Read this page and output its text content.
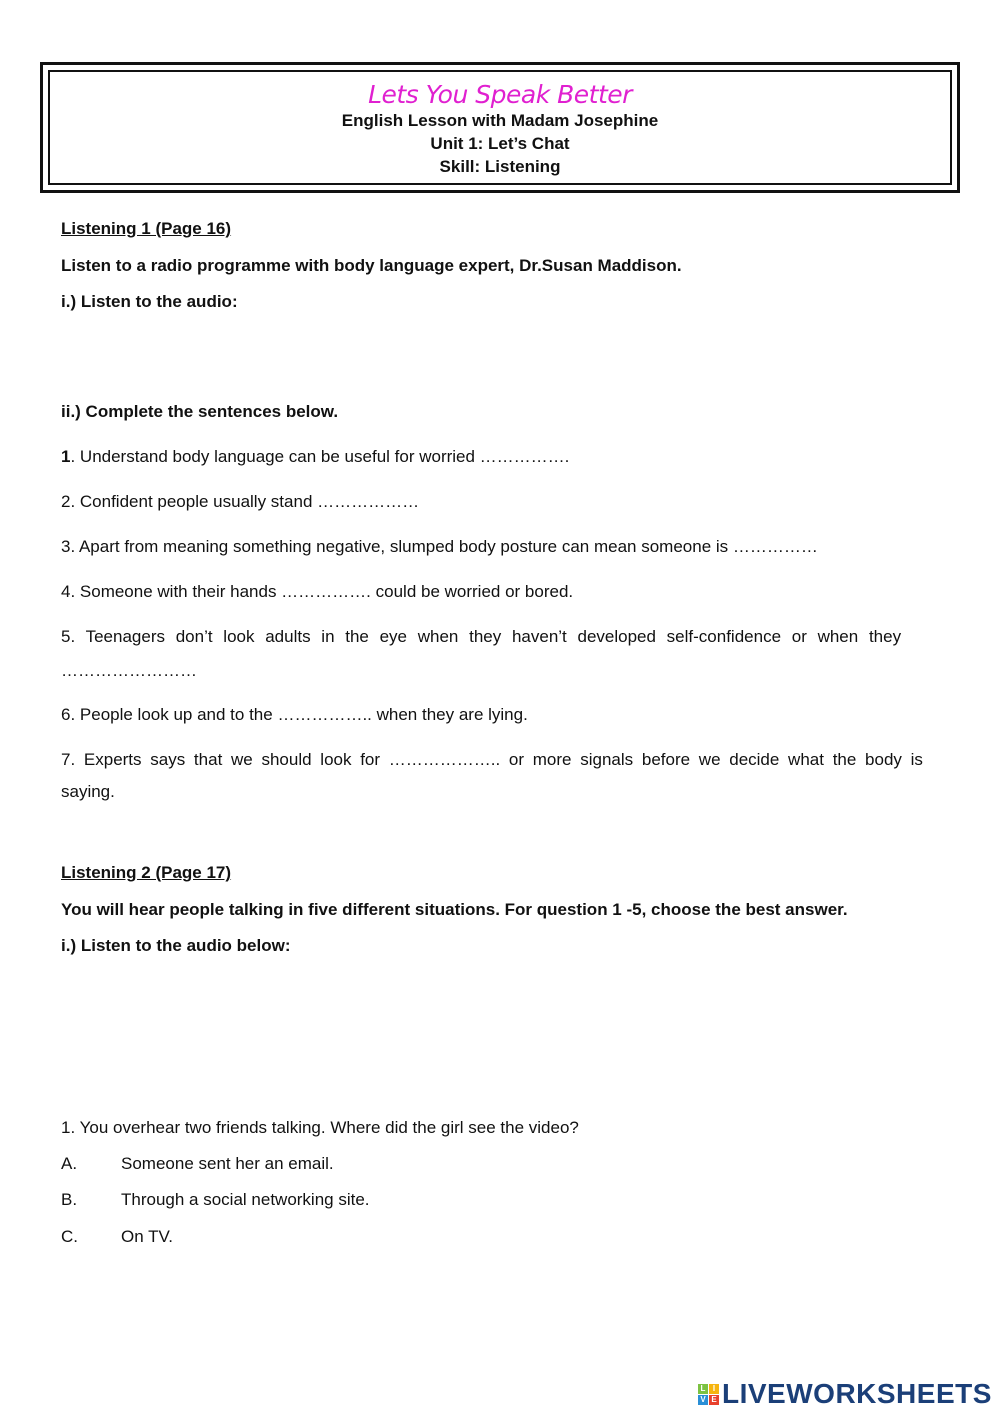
Lets You Speak Better
English Lesson with Madam Josephine
Unit 1: Let’s Chat
Skill: Listening
Listening 1 (Page 16)
Listen to a radio programme with body language expert, Dr.Susan Maddison.
i.) Listen to the audio:
ii.) Complete the sentences below.
1. Understand body language can be useful for worried …………….
2. Confident people usually stand ………………
3. Apart from meaning something negative, slumped body posture can mean someone is ……………
4. Someone with their hands ……………. could be worried or bored.
5. Teenagers don’t look adults in the eye when they haven’t developed self-confidence or when they
……………………
6. People look up and to the …………….. when they are lying.
7. Experts says that we should look for ……………….. or more signals before we decide what the body is
saying.
Listening 2 (Page 17)
You will hear people talking in five different situations. For question 1 -5, choose the best answer.
i.) Listen to the audio below:
1. You overhear two friends talking. Where did the girl see the video?
A.	Someone sent her an email.
B.	Through a social networking site.
C.	On TV.
L I
V E LIVEWORKSHEETS
